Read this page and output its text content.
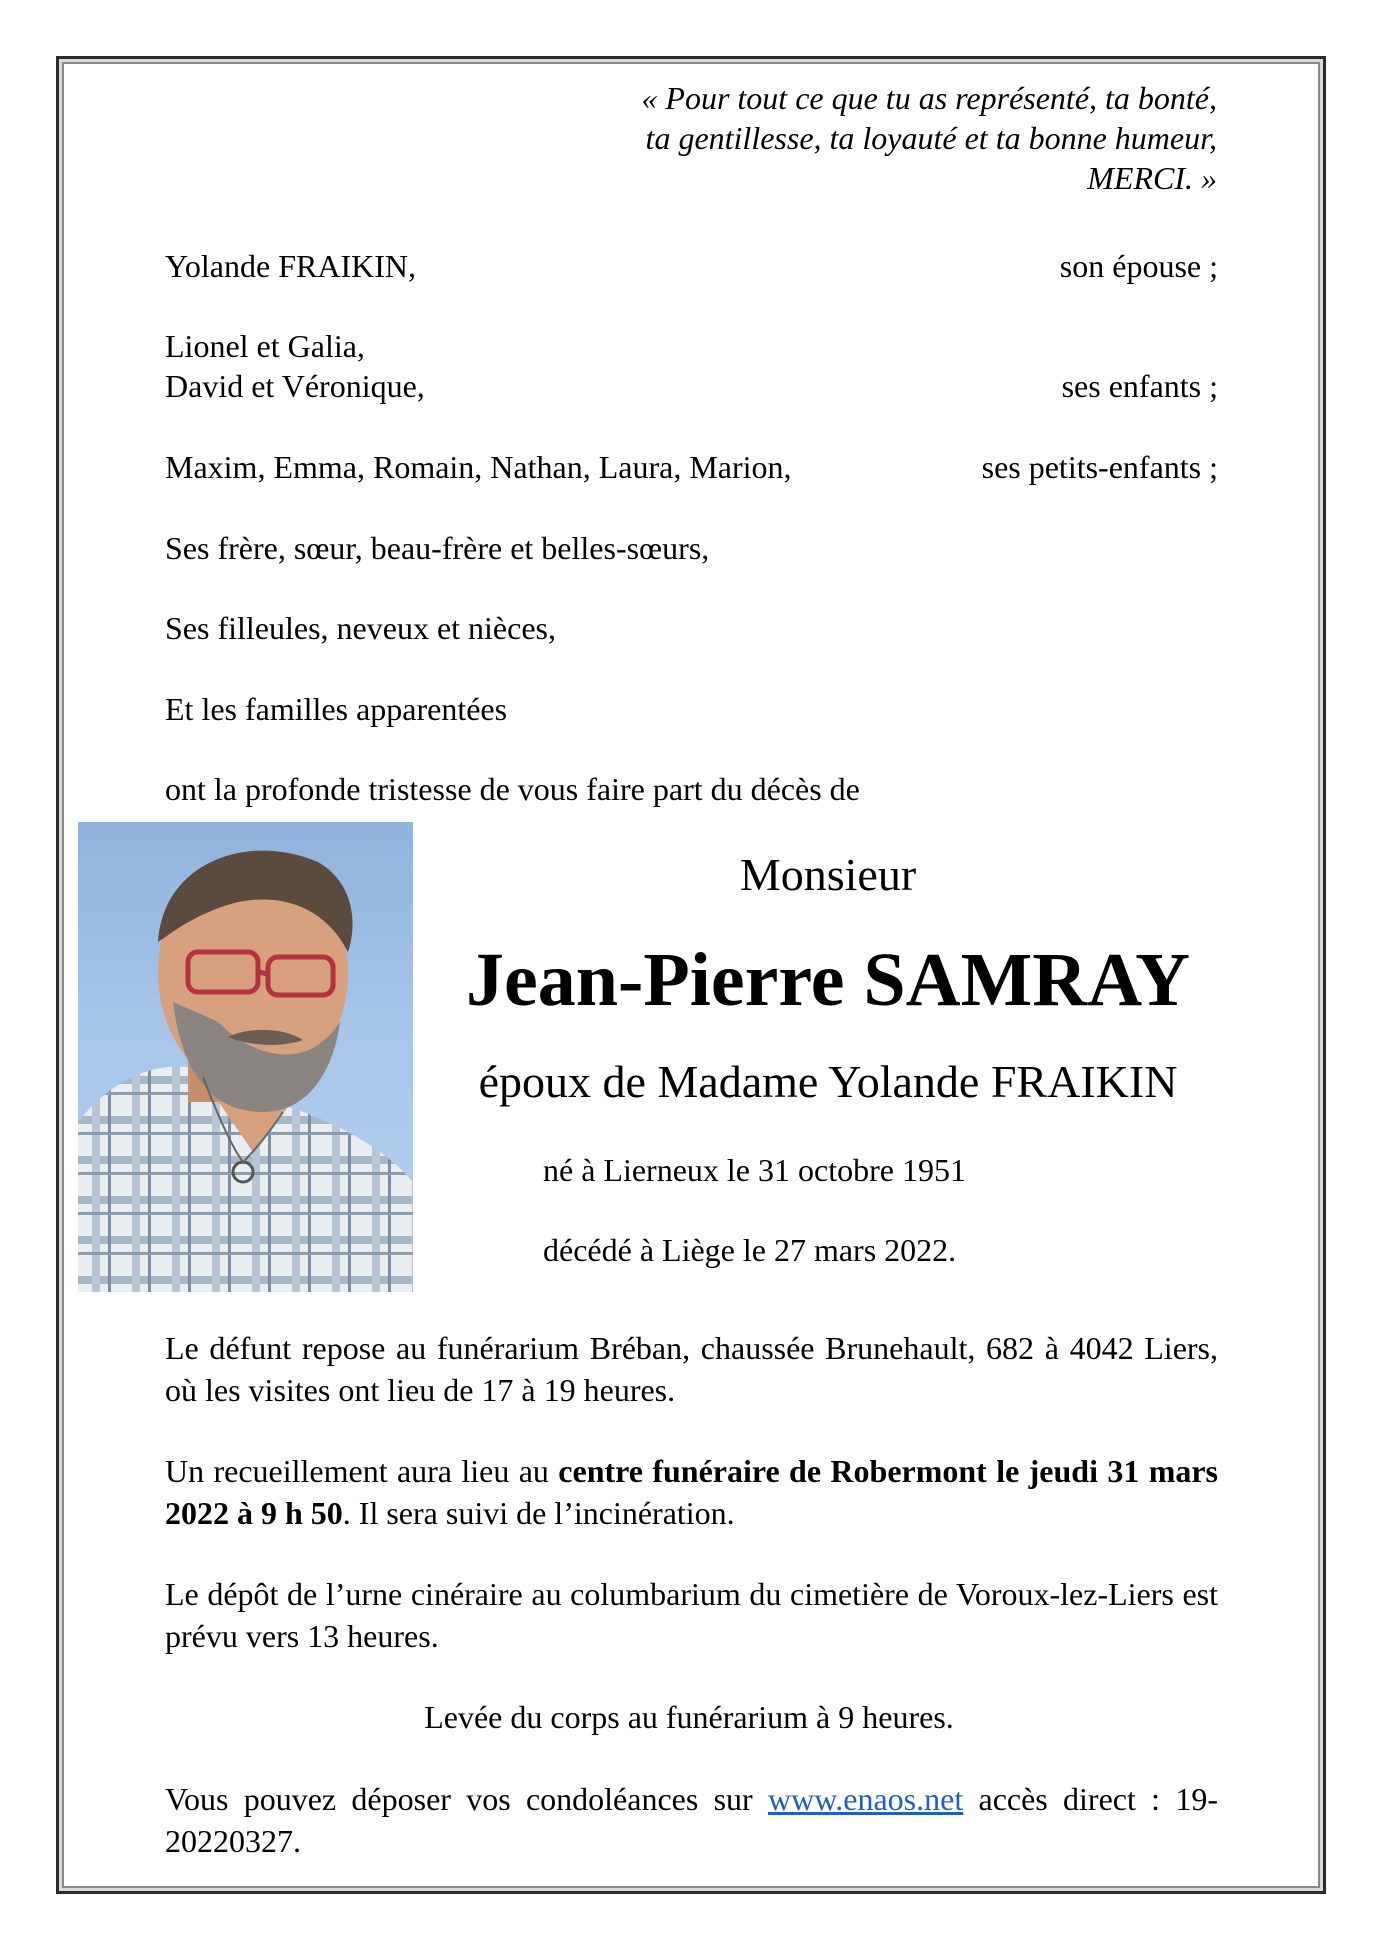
« Pour tout ce que tu as représenté, ta bonté,
ta gentillesse, ta loyauté et ta bonne humeur,
MERCI. »
Yolande FRAIKIN,	son épouse ;
Lionel et Galia,
David et Véronique,	ses enfants ;
Maxim, Emma, Romain, Nathan, Laura, Marion,	ses petits-enfants ;
Ses frère, sœur, beau-frère et belles-sœurs,
Ses filleules, neveux et nièces,
Et les familles apparentées
ont la profonde tristesse de vous faire part du décès de
Monsieur
Jean-Pierre SAMRAY
époux de Madame Yolande FRAIKIN
né à Lierneux le 31 octobre 1951
décédé à Liège le 27 mars 2022.
Le défunt repose au funérarium Bréban, chaussée Brunehault, 682 à 4042 Liers, où les visites ont lieu de 17 à 19 heures.
Un recueillement aura lieu au centre funéraire de Robermont le jeudi 31 mars 2022 à 9 h 50. Il sera suivi de l’incinération.
Le dépôt de l’urne cinéraire au columbarium du cimetière de Voroux-lez-Liers est prévu vers 13 heures.
Levée du corps au funérarium à 9 heures.
Vous pouvez déposer vos condoléances sur www.enaos.net accès direct : 19-20220327.
